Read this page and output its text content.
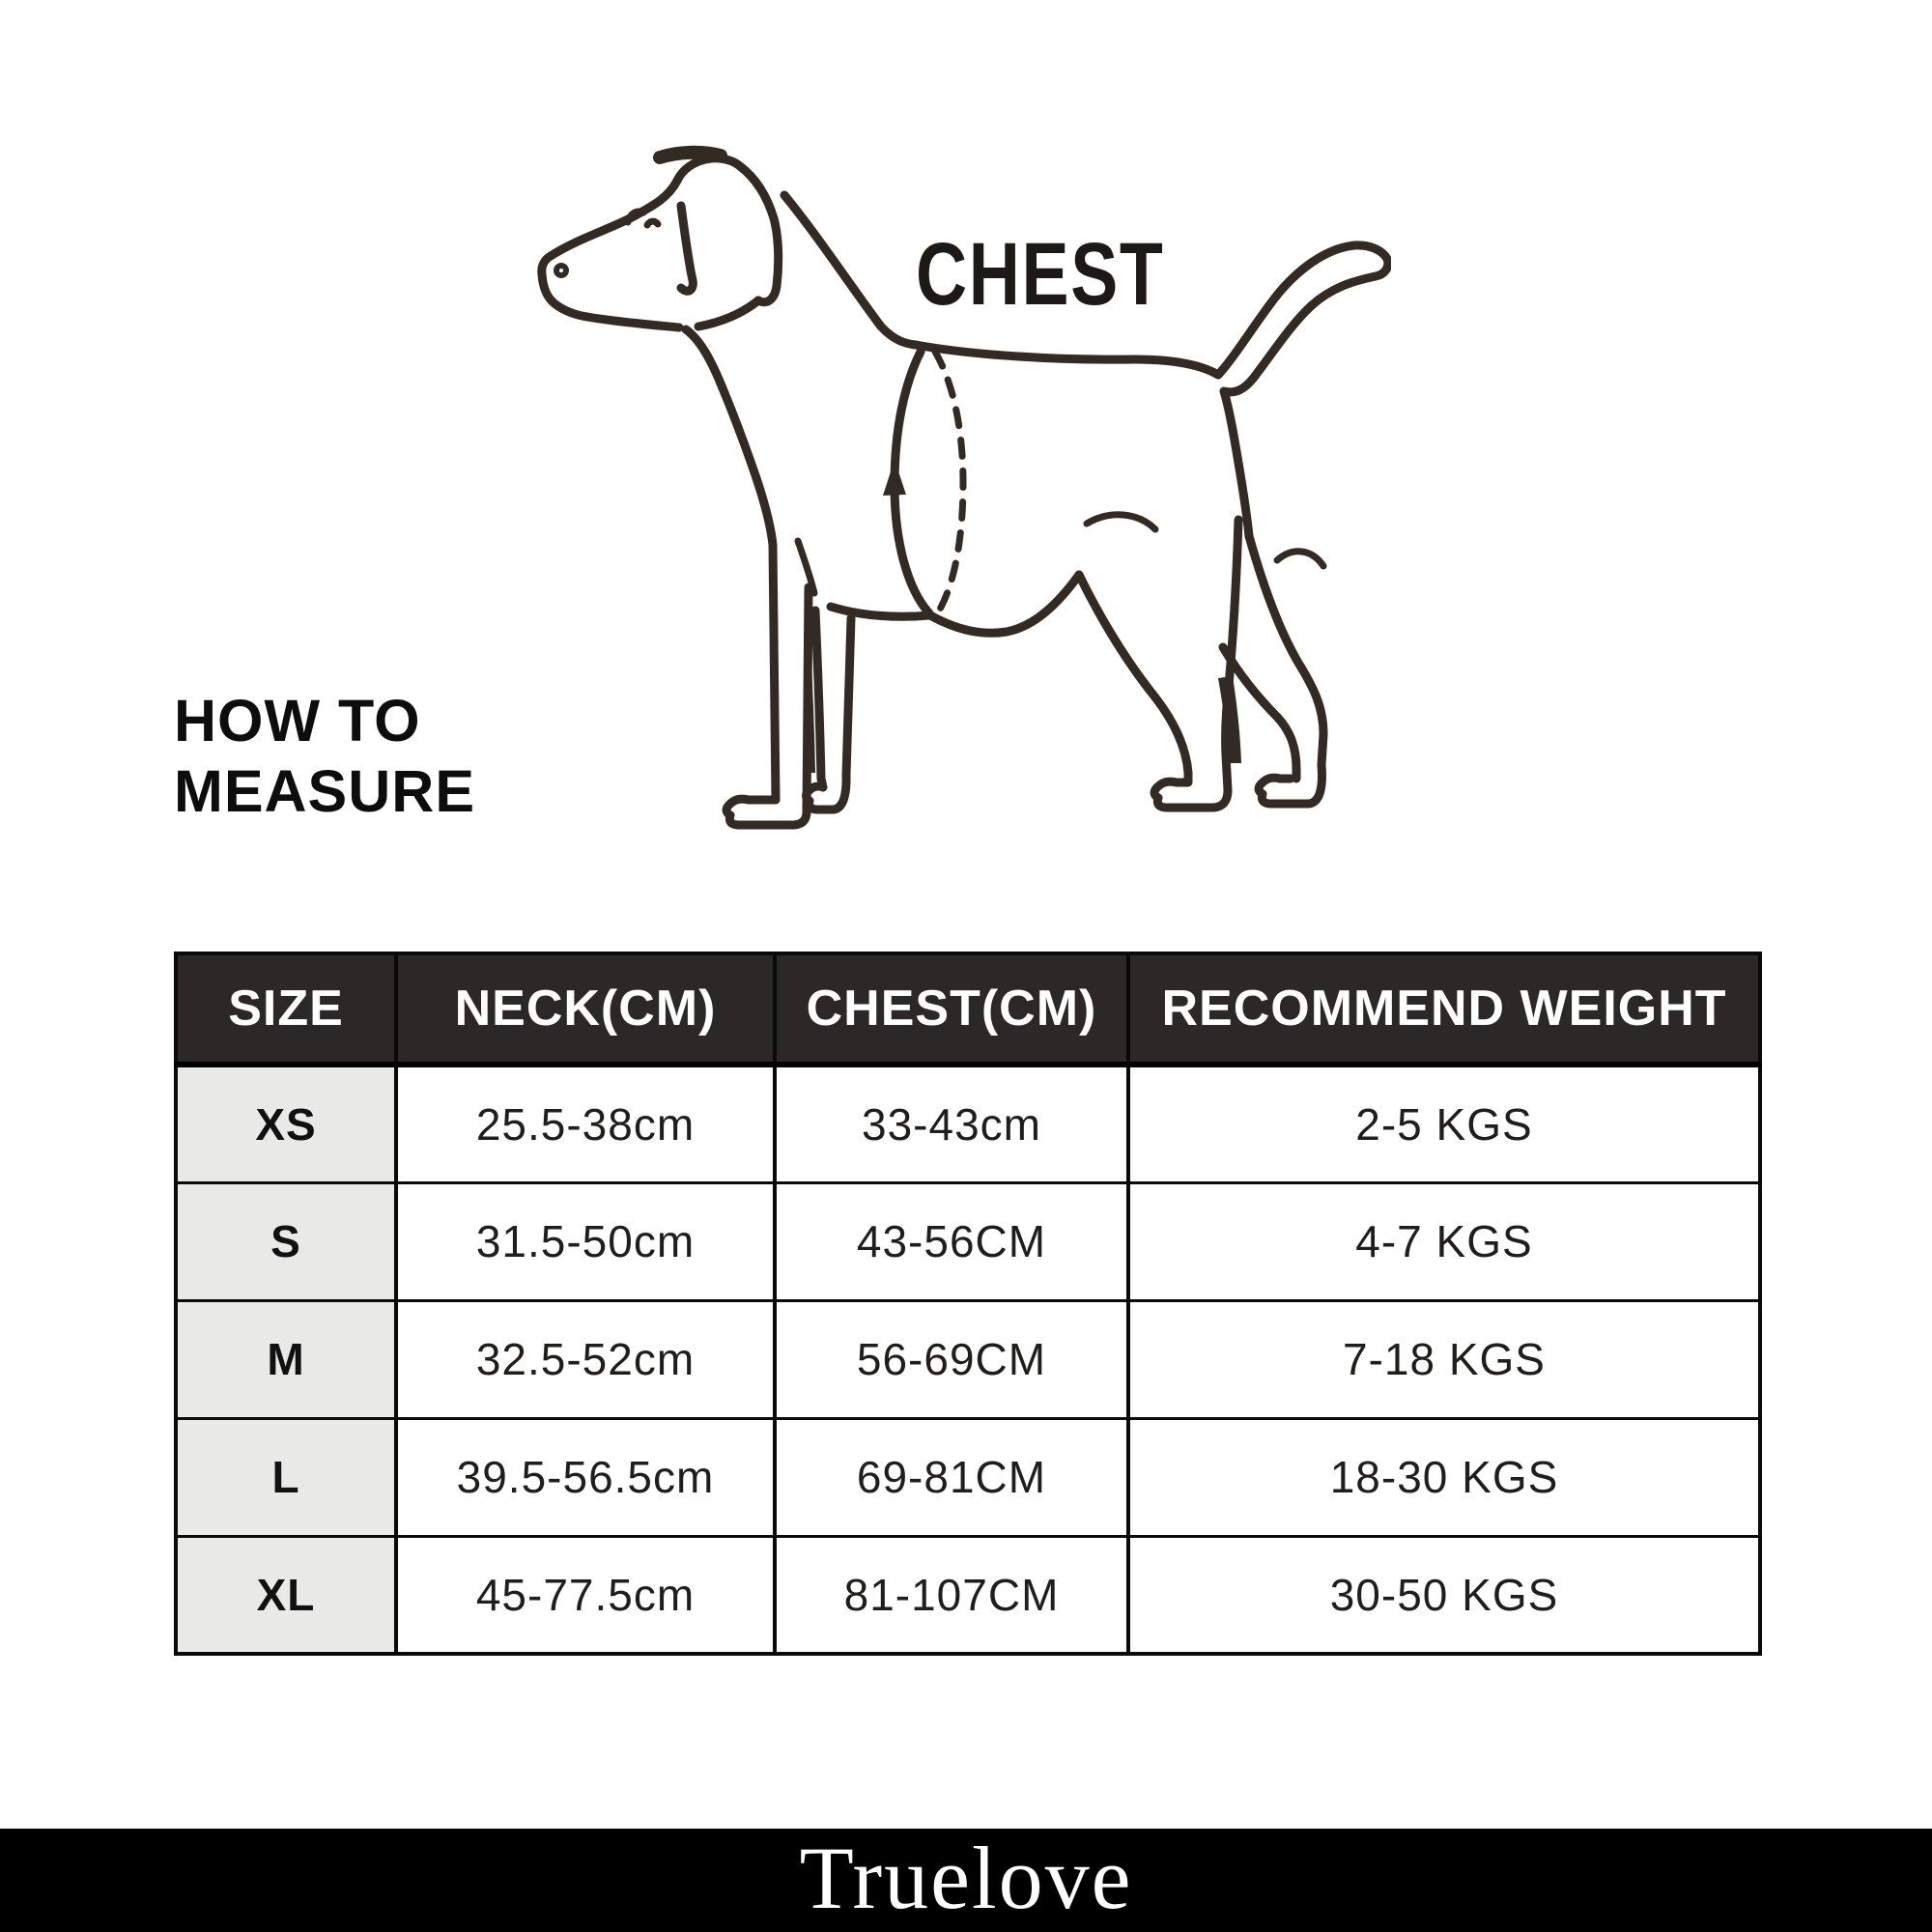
CHEST
HOW TO
MEASURE
SIZE	NECK(CM)	CHEST(CM)	RECOMMEND WEIGHT
XS	25.5-38cm	33-43cm	2-5 KGS
S	31.5-50cm	43-56CM	4-7 KGS
M	32.5-52cm	56-69CM	7-18 KGS
L	39.5-56.5cm	69-81CM	18-30 KGS
XL	45-77.5cm	81-107CM	30-50 KGS
Truelove
